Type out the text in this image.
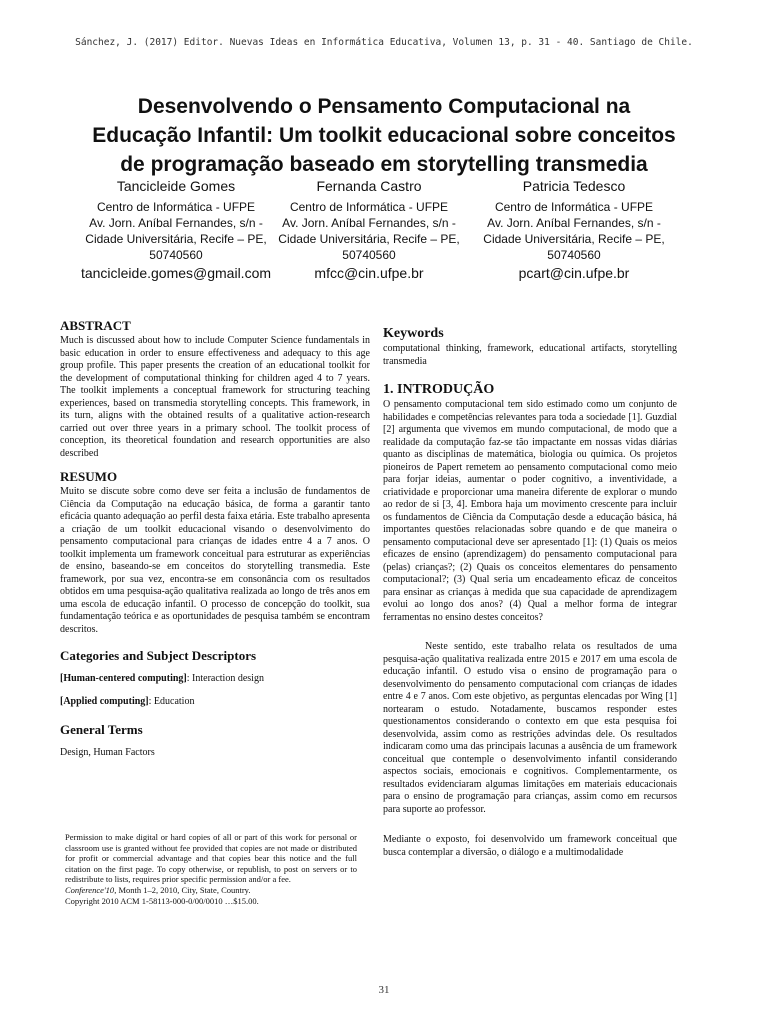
Sánchez, J. (2017) Editor. Nuevas Ideas en Informática Educativa, Volumen 13, p. 31 - 40. Santiago de Chile.
Desenvolvendo o Pensamento Computacional na
Educação Infantil: Um toolkit educacional sobre conceitos
de programação baseado em storytelling transmedia
Tancicleide Gomes
Centro de Informática - UFPE
Av. Jorn. Aníbal Fernandes, s/n -
Cidade Universitária, Recife – PE,
50740560
tancicleide.gomes@gmail.com
Fernanda Castro
Centro de Informática - UFPE
Av. Jorn. Aníbal Fernandes, s/n -
Cidade Universitária, Recife – PE,
50740560
mfcc@cin.ufpe.br
Patricia Tedesco
Centro de Informática - UFPE
Av. Jorn. Aníbal Fernandes, s/n -
Cidade Universitária, Recife – PE,
50740560
pcart@cin.ufpe.br
ABSTRACT

Much is discussed about how to include Computer Science fundamentals in basic education in order to ensure effectiveness and adequacy to this age group profile. This paper presents the creation of an educational toolkit for the development of computational thinking for children aged 4 to 7 years. The toolkit implements a conceptual framework for structuring teaching experiences, based on transmedia storytelling concepts. This framework, in its turn, aligns with the obtained results of a qualitative action-research carried out over three years in a primary school. The toolkit process of conception, its theoretical foundation and research opportunities are also described

RESUMO

Muito se discute sobre como deve ser feita a inclusão de fundamentos de Ciência da Computação na educação básica, de forma a garantir tanto eficácia quanto adequação ao perfil desta faixa etária. Este trabalho apresenta a criação de um toolkit educacional visando o desenvolvimento do pensamento computacional para crianças de idades entre 4 a 7 anos. O toolkit implementa um framework conceitual para estruturar as experiências de ensino, baseando-se em conceitos do storytelling transmedia. Este framework, por sua vez, encontra-se em consonância com os resultados obtidos em uma pesquisa-ação qualitativa realizada ao longo de três anos em uma escola de educação infantil. O processo de concepção do toolkit, sua fundamentação teórica e as oportunidades de pesquisa também se encontram descritos.

Categories and Subject Descriptors

[Human-centered computing]: Interaction design

[Applied computing]: Education

General Terms

Design, Human Factors

Permission to make digital or hard copies of all or part of this work for personal or classroom use is granted without fee provided that copies are not made or distributed for profit or commercial advantage and that copies bear this notice and the full citation on the first page. To copy otherwise, or republish, to post on servers or to redistribute to lists, requires prior specific permission and/or a fee.

Conference'10, Month 1–2, 2010, City, State, Country.

Copyright 2010 ACM 1-58113-000-0/00/0010 …$15.00.

Keywords

computational thinking, framework, educational artifacts, storytelling transmedia

1. INTRODUÇÃO

O pensamento computacional tem sido estimado como um conjunto de habilidades e competências relevantes para toda a sociedade [1]. Guzdial [2] argumenta que vivemos em mundo computacional, de modo que a realidade da computação faz-se tão impactante em nossas vidas diárias quanto as disciplinas de matemática, biologia ou química. Os projetos pioneiros de Papert remetem ao pensamento computacional como meio para forjar ideias, aumentar o poder cognitivo, a inventividade, a criatividade e proporcionar uma maneira diferente de explorar o mundo ao redor de si [3, 4]. Embora haja um movimento crescente para incluir os fundamentos de Ciência da Computação desde a educação básica, há importantes questões relacionadas sobre quando e de que maneira o pensamento computacional deve ser apresentado [1]: (1) Quais os meios eficazes de ensino (aprendizagem) do pensamento computacional para (pelas) crianças?; (2) Quais os conceitos elementares do pensamento computacional?; (3) Qual seria um encadeamento eficaz de conceitos para ensinar as crianças à medida que sua capacidade de aprendizagem evolui ao longo dos anos? (4) Qual a melhor forma de integrar ferramentas no ensino destes conceitos?

Neste sentido, este trabalho relata os resultados de uma pesquisa-ação qualitativa realizada entre 2015 e 2017 em uma escola de educação infantil. O estudo visa o ensino de programação para o desenvolvimento do pensamento computacional com crianças de idades entre 4 e 7 anos. Com este objetivo, as perguntas elencadas por Wing [1] nortearam o estudo. Notadamente, buscamos responder estes questionamentos considerando o contexto em que esta pesquisa foi desenvolvida, assim como as restrições advindas dele. Os resultados indicaram como uma das principais lacunas a ausência de um framework conceitual que contemple o desenvolvimento infantil considerando aspectos sociais, emocionais e cognitivos. Complementarmente, os resultados evidenciaram algumas limitações em materiais educacionais para o ensino de programação para crianças, assim como em recursos para suporte ao professor.

Mediante o exposto, foi desenvolvido um framework conceitual que busca contemplar a diversão, o diálogo e a multimodalidade

31
